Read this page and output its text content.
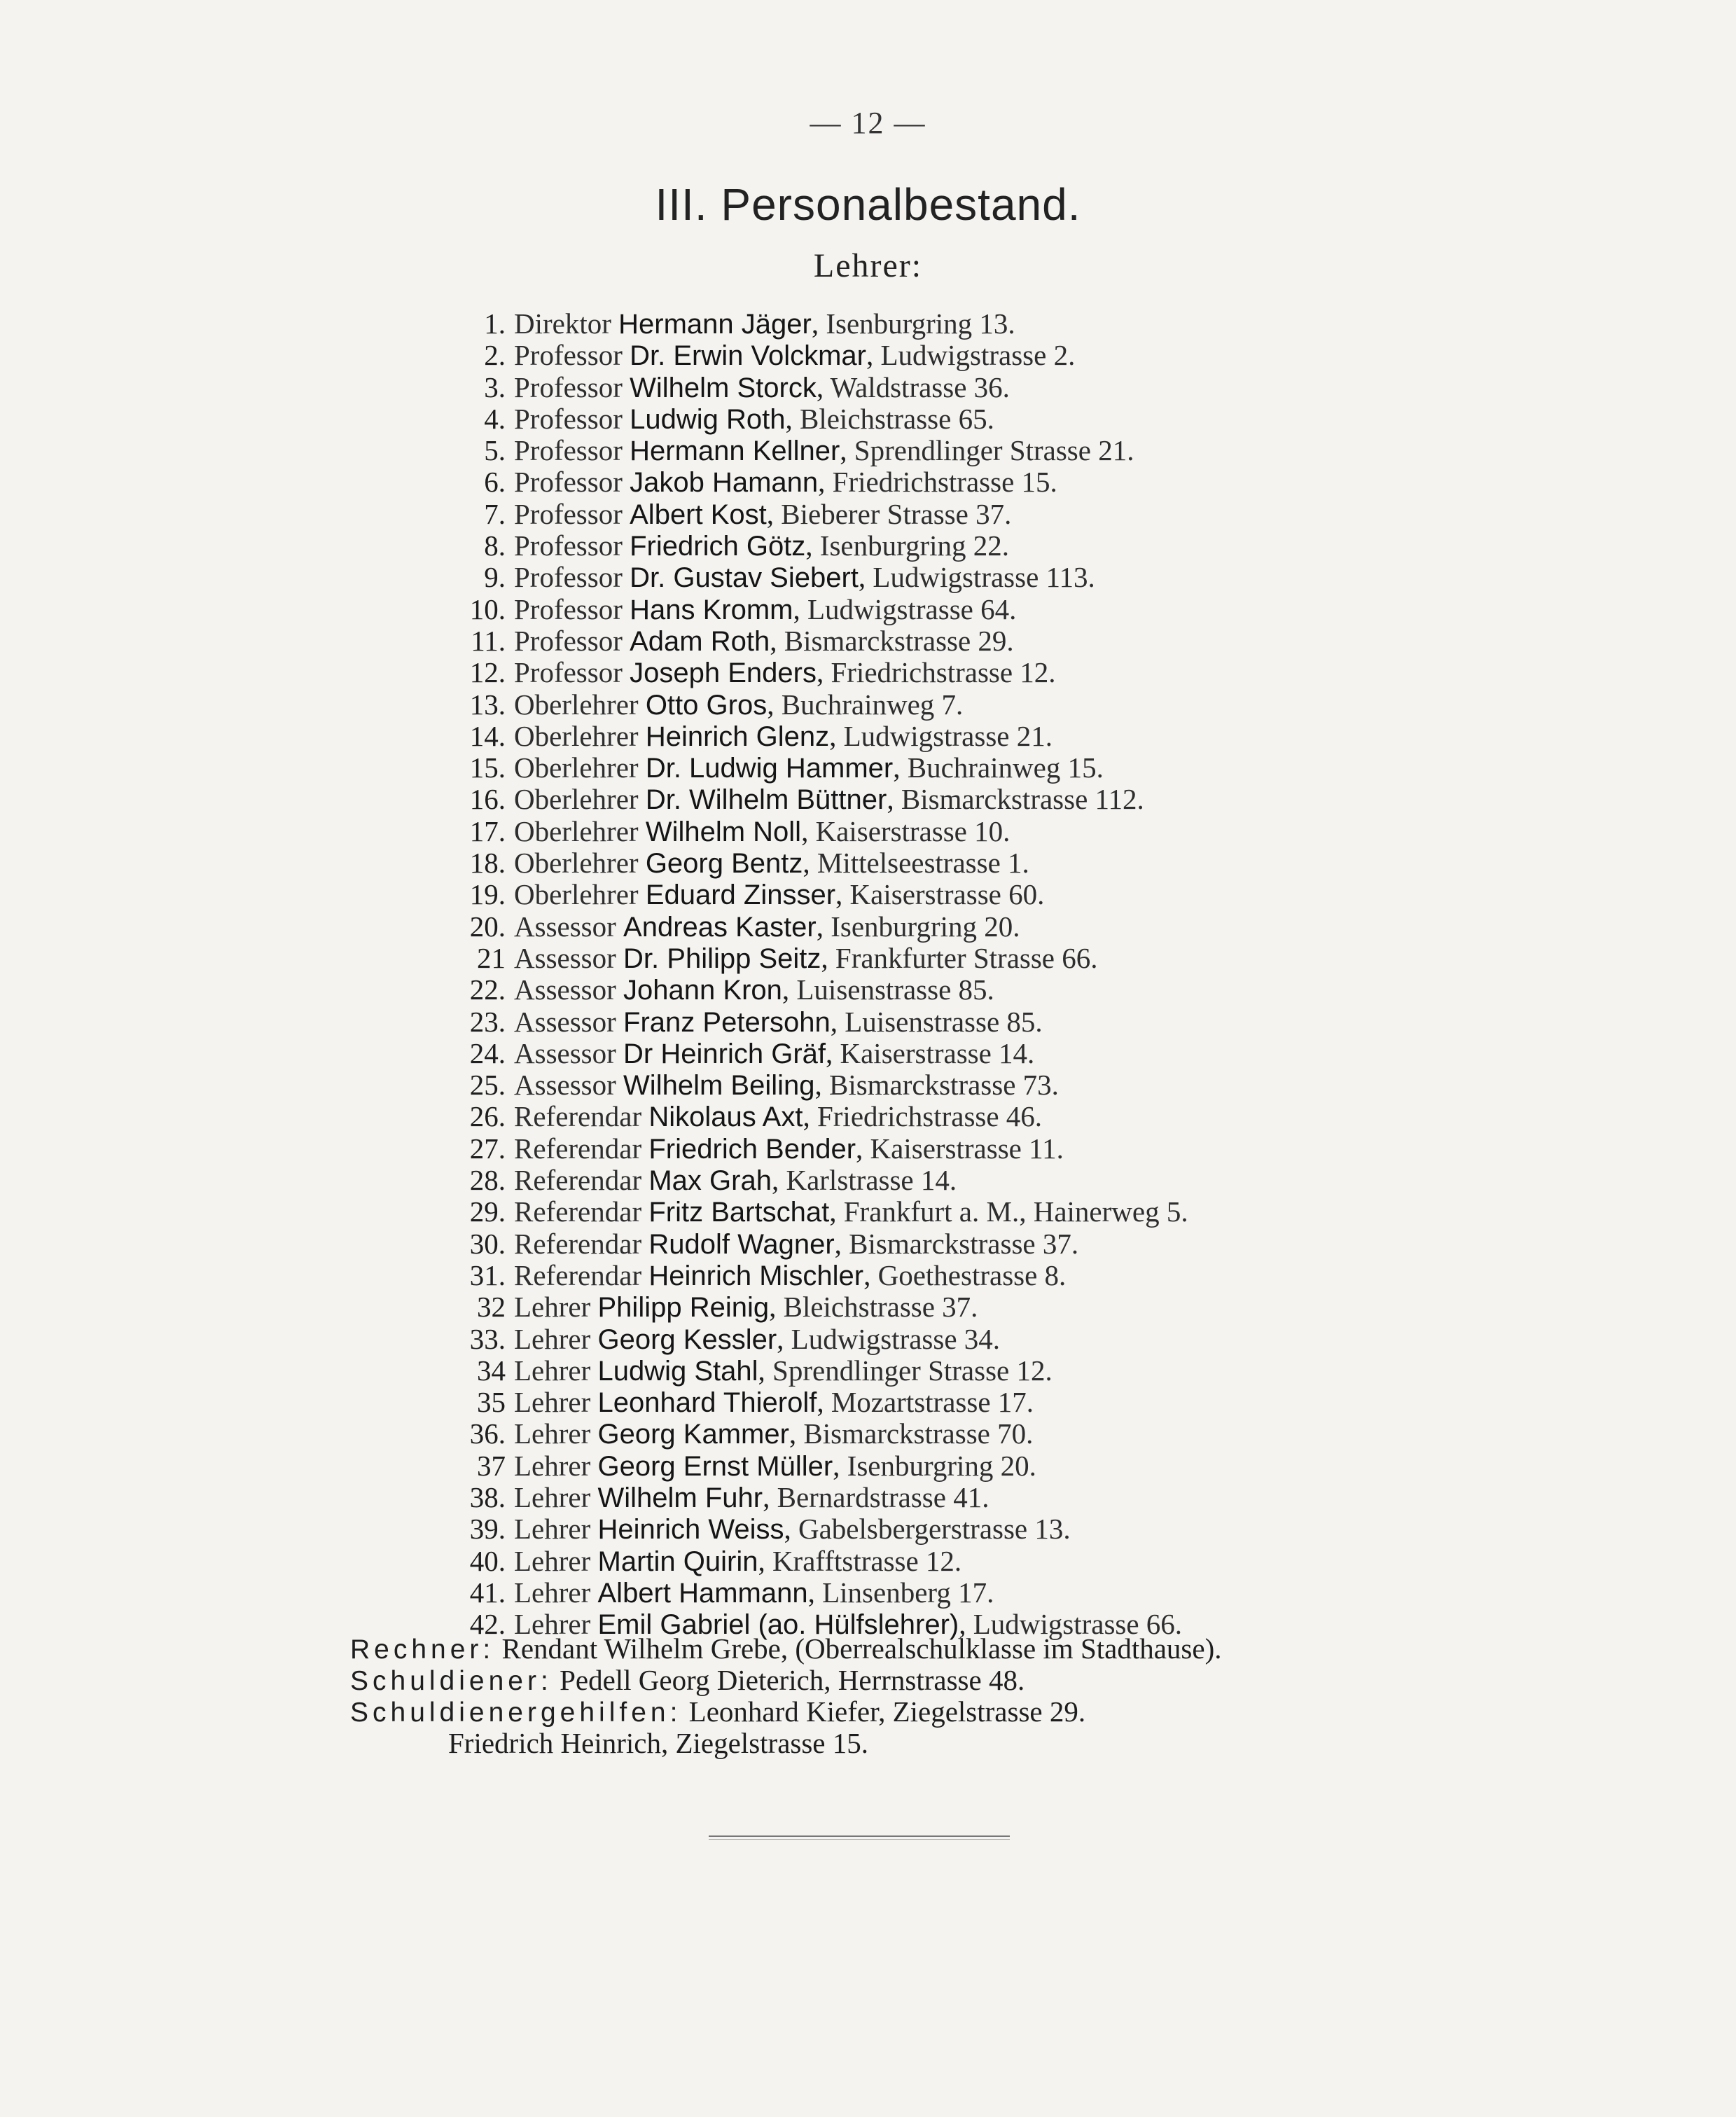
— 12 —
III. Personalbestand.
Lehrer:
1. Direktor Hermann Jäger, Isenburgring 13.
2. Professor Dr. Erwin Volckmar, Ludwigstrasse 2.
3. Professor Wilhelm Storck, Waldstrasse 36.
4. Professor Ludwig Roth, Bleichstrasse 65.
5. Professor Hermann Kellner, Sprendlinger Strasse 21.
6. Professor Jakob Hamann, Friedrichstrasse 15.
7. Professor Albert Kost, Bieberer Strasse 37.
8. Professor Friedrich Götz, Isenburgring 22.
9. Professor Dr. Gustav Siebert, Ludwigstrasse 113.
10. Professor Hans Kromm, Ludwigstrasse 64.
11. Professor Adam Roth, Bismarckstrasse 29.
12. Professor Joseph Enders, Friedrichstrasse 12.
13. Oberlehrer Otto Gros, Buchrainweg 7.
14. Oberlehrer Heinrich Glenz, Ludwigstrasse 21.
15. Oberlehrer Dr. Ludwig Hammer, Buchrainweg 15.
16. Oberlehrer Dr. Wilhelm Büttner, Bismarckstrasse 112.
17. Oberlehrer Wilhelm Noll, Kaiserstrasse 10.
18. Oberlehrer Georg Bentz, Mittelseestrasse 1.
19. Oberlehrer Eduard Zinsser, Kaiserstrasse 60.
20. Assessor Andreas Kaster, Isenburgring 20.
21 Assessor Dr. Philipp Seitz, Frankfurter Strasse 66.
22. Assessor Johann Kron, Luisenstrasse 85.
23. Assessor Franz Petersohn, Luisenstrasse 85.
24. Assessor Dr Heinrich Gräf, Kaiserstrasse 14.
25. Assessor Wilhelm Beiling, Bismarckstrasse 73.
26. Referendar Nikolaus Axt, Friedrichstrasse 46.
27. Referendar Friedrich Bender, Kaiserstrasse 11.
28. Referendar Max Grah, Karlstrasse 14.
29. Referendar Fritz Bartschat, Frankfurt a. M., Hainerweg 5.
30. Referendar Rudolf Wagner, Bismarckstrasse 37.
31. Referendar Heinrich Mischler, Goethestrasse 8.
32 Lehrer Philipp Reinig, Bleichstrasse 37.
33. Lehrer Georg Kessler, Ludwigstrasse 34.
34 Lehrer Ludwig Stahl, Sprendlinger Strasse 12.
35 Lehrer Leonhard Thierolf, Mozartstrasse 17.
36. Lehrer Georg Kammer, Bismarckstrasse 70.
37 Lehrer Georg Ernst Müller, Isenburgring 20.
38. Lehrer Wilhelm Fuhr, Bernardstrasse 41.
39. Lehrer Heinrich Weiss, Gabelsbergerstrasse 13.
40. Lehrer Martin Quirin, Krafftstrasse 12.
41. Lehrer Albert Hammann, Linsenberg 17.
42. Lehrer Emil Gabriel (ao. Hülfslehrer), Ludwigstrasse 66.
Rechner: Rendant Wilhelm Grebe, (Oberrealschulklasse im Stadthause).
Schuldiener: Pedell Georg Dieterich, Herrnstrasse 48.
Schuldienergehilfen: Leonhard Kiefer, Ziegelstrasse 29.
Friedrich Heinrich, Ziegelstrasse 15.
